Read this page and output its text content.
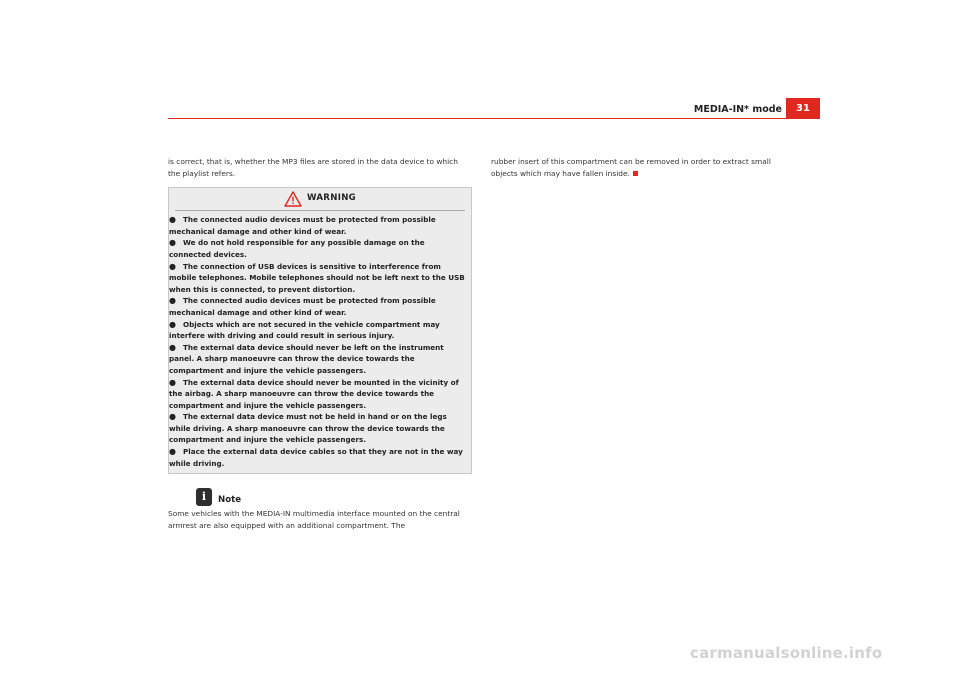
MEDIA-IN* mode	31

is correct, that is, whether the MP3 files are stored in the data device to which the playlist refers.

WARNING
● The connected audio devices must be protected from possible mechanical damage and other kind of wear.
● We do not hold responsible for any possible damage on the connected devices.
● The connection of USB devices is sensitive to interference from mobile telephones. Mobile telephones should not be left next to the USB when this is connected, to prevent distortion.
● The connected audio devices must be protected from possible mechanical damage and other kind of wear.
● Objects which are not secured in the vehicle compartment may interfere with driving and could result in serious injury.
● The external data device should never be left on the instrument panel. A sharp manoeuvre can throw the device towards the compartment and injure the vehicle passengers.
● The external data device should never be mounted in the vicinity of the airbag. A sharp manoeuvre can throw the device towards the compartment and injure the vehicle passengers.
● The external data device must not be held in hand or on the legs while driving. A sharp manoeuvre can throw the device towards the compartment and injure the vehicle passengers.
● Place the external data device cables so that they are not in the way while driving.
i	Note

Some vehicles with the MEDIA-IN multimedia interface mounted on the central armrest are also equipped with an additional compartment. The

rubber insert of this compartment can be removed in order to extract small objects which may have fallen inside.
carmanualsonline.info
